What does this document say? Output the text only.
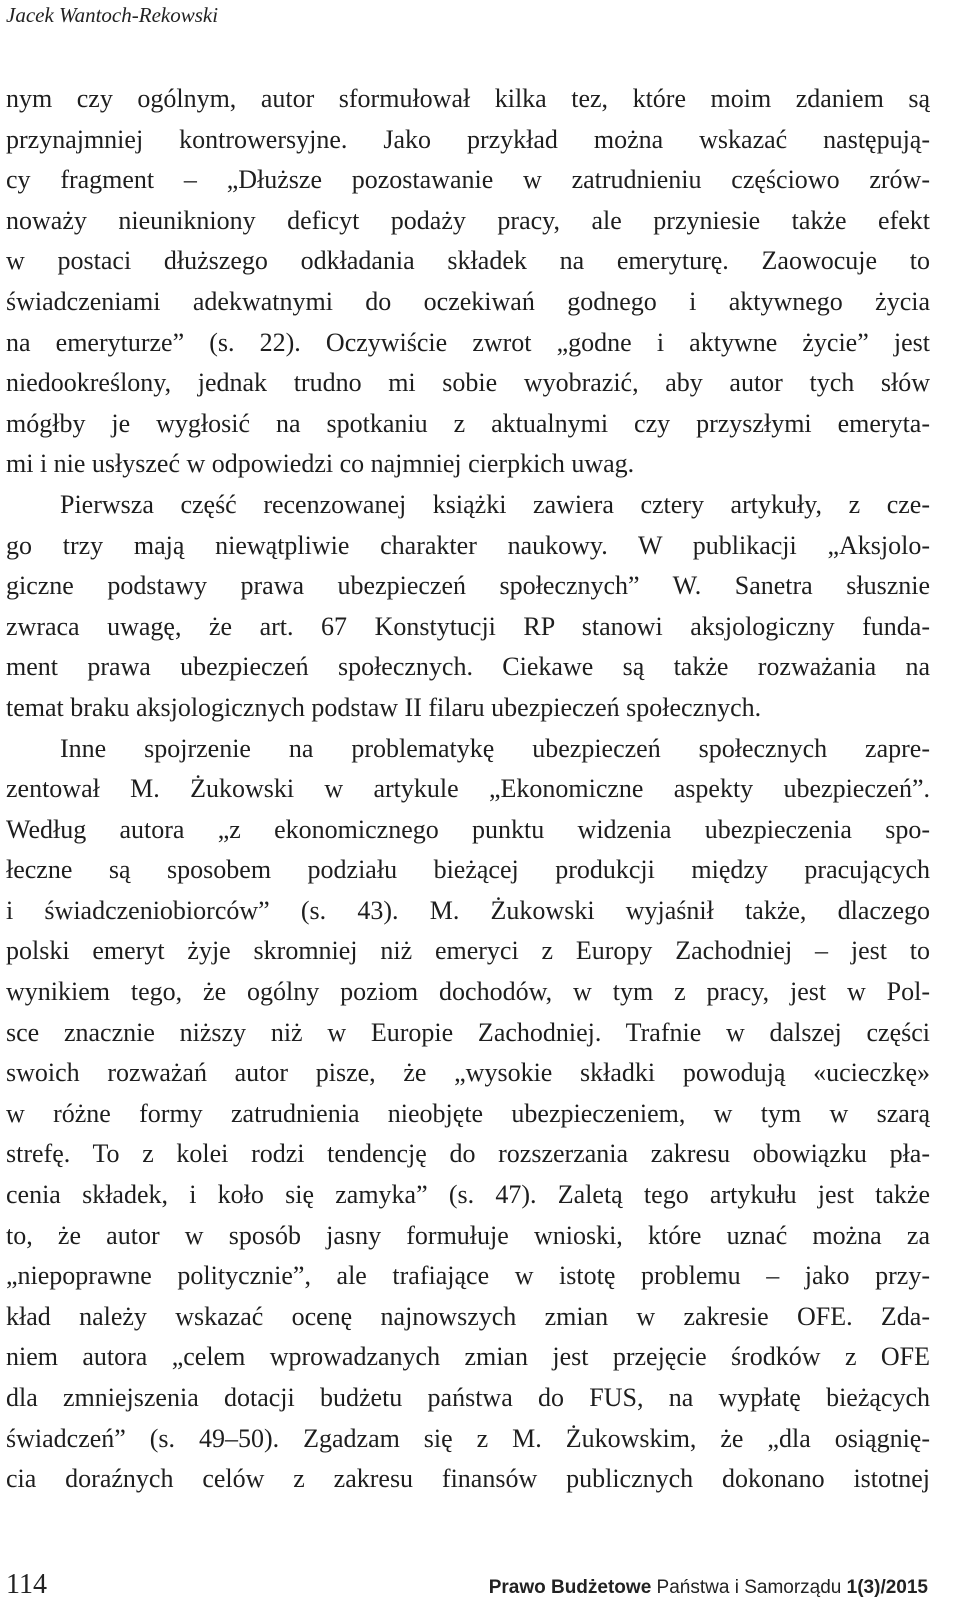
Jacek Wantoch-Rekowski
nym czy ogólnym, autor sformułował kilka tez, które moim zdaniem są
przynajmniej kontrowersyjne. Jako przykład można wskazać następują-
cy fragment – „Dłuższe pozostawanie w zatrudnieniu częściowo zrów-
noważy nieunikniony deficyt podaży pracy, ale przyniesie także efekt
w postaci dłuższego odkładania składek na emeryturę. Zaowocuje to
świadczeniami adekwatnymi do oczekiwań godnego i aktywnego życia
na emeryturze” (s. 22). Oczywiście zwrot „godne i aktywne życie” jest
niedookreślony, jednak trudno mi sobie wyobrazić, aby autor tych słów
mógłby je wygłosić na spotkaniu z aktualnymi czy przyszłymi emeryta-
mi i nie usłyszeć w odpowiedzi co najmniej cierpkich uwag.
Pierwsza część recenzowanej książki zawiera cztery artykuły, z cze-
go trzy mają niewątpliwie charakter naukowy. W publikacji „Aksjolo-
giczne podstawy prawa ubezpieczeń społecznych” W. Sanetra słusznie
zwraca uwagę, że art. 67 Konstytucji RP stanowi aksjologiczny funda-
ment prawa ubezpieczeń społecznych. Ciekawe są także rozważania na
temat braku aksjologicznych podstaw II filaru ubezpieczeń społecznych.
Inne spojrzenie na problematykę ubezpieczeń społecznych zapre-
zentował M. Żukowski w artykule „Ekonomiczne aspekty ubezpieczeń”.
Według autora „z ekonomicznego punktu widzenia ubezpieczenia spo-
łeczne są sposobem podziału bieżącej produkcji między pracujących
i świadczeniobiorców” (s. 43). M. Żukowski wyjaśnił także, dlaczego
polski emeryt żyje skromniej niż emeryci z Europy Zachodniej – jest to
wynikiem tego, że ogólny poziom dochodów, w tym z pracy, jest w Pol-
sce znacznie niższy niż w Europie Zachodniej. Trafnie w dalszej części
swoich rozważań autor pisze, że „wysokie składki powodują «ucieczkę»
w różne formy zatrudnienia nieobjęte ubezpieczeniem, w tym w szarą
strefę. To z kolei rodzi tendencję do rozszerzania zakresu obowiązku pła-
cenia składek, i koło się zamyka” (s. 47). Zaletą tego artykułu jest także
to, że autor w sposób jasny formułuje wnioski, które uznać można za
„niepoprawne politycznie”, ale trafiające w istotę problemu – jako przy-
kład należy wskazać ocenę najnowszych zmian w zakresie OFE. Zda-
niem autora „celem wprowadzanych zmian jest przejęcie środków z OFE
dla zmniejszenia dotacji budżetu państwa do FUS, na wypłatę bieżących
świadczeń” (s. 49–50). Zgadzam się z M. Żukowskim, że „dla osiągnię-
cia doraźnych celów z zakresu finansów publicznych dokonano istotnej
114	Prawo Budżetowe Państwa i Samorządu 1(3)/2015
